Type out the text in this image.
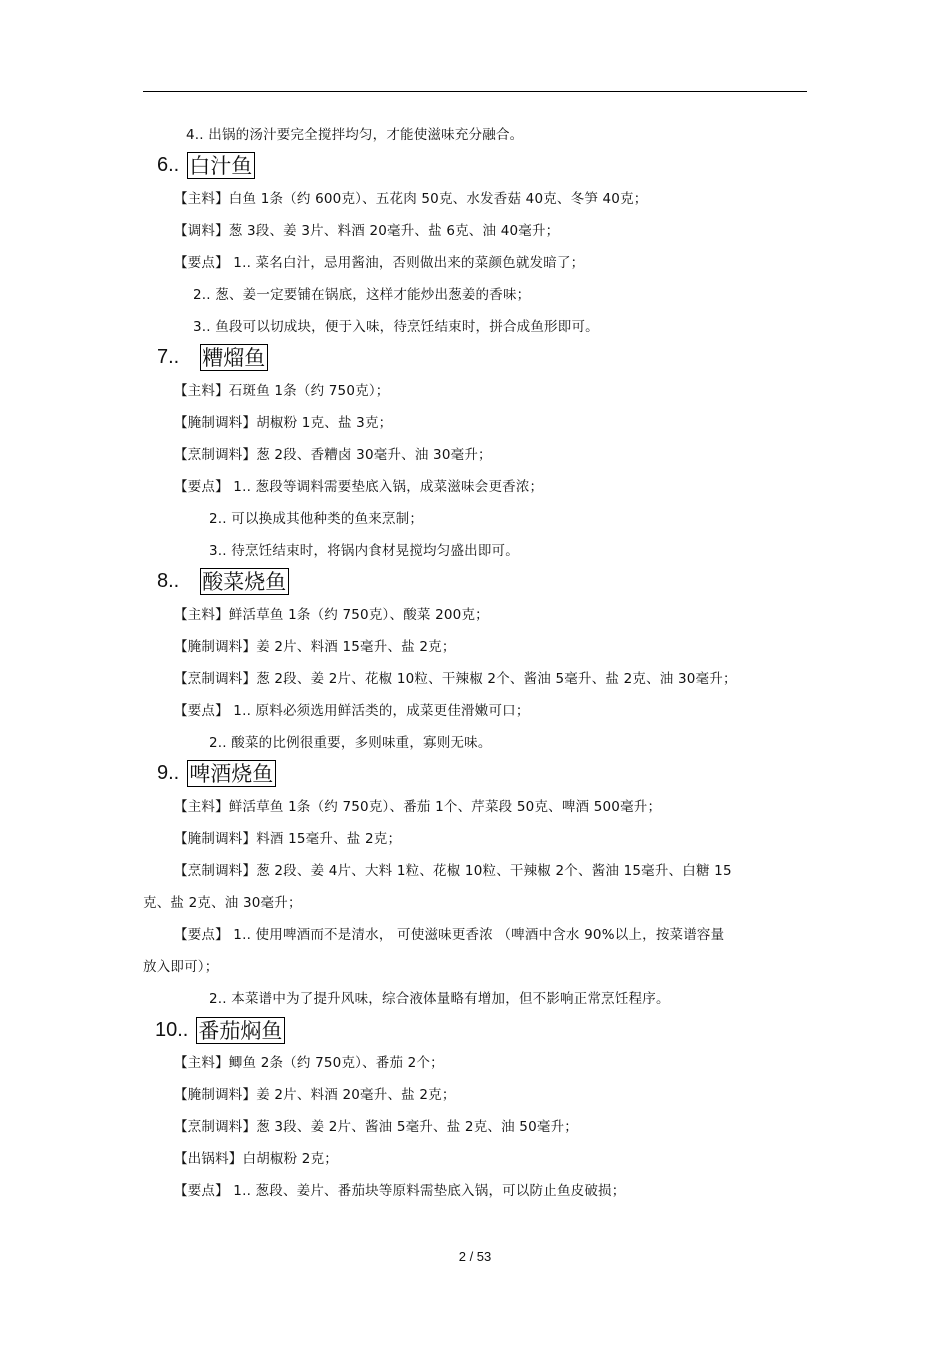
4.. 出锅的汤汁要完全搅拌均匀，才能使滋味充分融合。
6.. 白汁鱼
【主料】白鱼 1条（约 600克）、五花肉 50克、水发香菇 40克、冬笋 40克；
【调料】葱 3段、姜 3片、料酒 20毫升、盐 6克、油 40毫升；
【要点】 1.. 菜名白汁，忌用酱油，否则做出来的菜颜色就发暗了；
2.. 葱、姜一定要铺在锅底，这样才能炒出葱姜的香味；
3.. 鱼段可以切成块，便于入味，待烹饪结束时，拼合成鱼形即可。
7.. 糟熘鱼
【主料】石斑鱼 1条（约 750克）；
【腌制调料】胡椒粉 1克、盐 3克；
【烹制调料】葱 2段、香糟卤 30毫升、油 30毫升；
【要点】 1.. 葱段等调料需要垫底入锅，成菜滋味会更香浓；
2.. 可以换成其他种类的鱼来烹制；
3.. 待烹饪结束时，将锅内食材晃搅均匀盛出即可。
8.. 酸菜烧鱼
【主料】鲜活草鱼 1条（约 750克）、酸菜 200克；
【腌制调料】姜 2片、料酒 15毫升、盐 2克；
【烹制调料】葱 2段、姜 2片、花椒 10粒、干辣椒 2个、酱油 5毫升、盐 2克、油 30毫升；
【要点】 1.. 原料必须选用鲜活类的，成菜更佳滑嫩可口；
2.. 酸菜的比例很重要，多则味重，寡则无味。
9.. 啤酒烧鱼
【主料】鲜活草鱼 1条（约 750克）、番茄 1个、芹菜段 50克、啤酒 500毫升；
【腌制调料】料酒 15毫升、盐 2克；
【烹制调料】葱 2段、姜 4片、大料 1粒、花椒 10粒、干辣椒 2个、酱油 15毫升、白糖 15
克、盐 2克、油 30毫升；
【要点】 1.. 使用啤酒而不是清水， 可使滋味更香浓 （啤酒中含水 90%以上，按菜谱容量
放入即可）；
2.. 本菜谱中为了提升风味，综合液体量略有增加，但不影响正常烹饪程序。
10.. 番茄焖鱼
【主料】鲫鱼 2条（约 750克）、番茄 2个；
【腌制调料】姜 2片、料酒 20毫升、盐 2克；
【烹制调料】葱 3段、姜 2片、酱油 5毫升、盐 2克、油 50毫升；
【出锅料】白胡椒粉 2克；
【要点】 1.. 葱段、姜片、番茄块等原料需垫底入锅，可以防止鱼皮破损；
2 / 53
